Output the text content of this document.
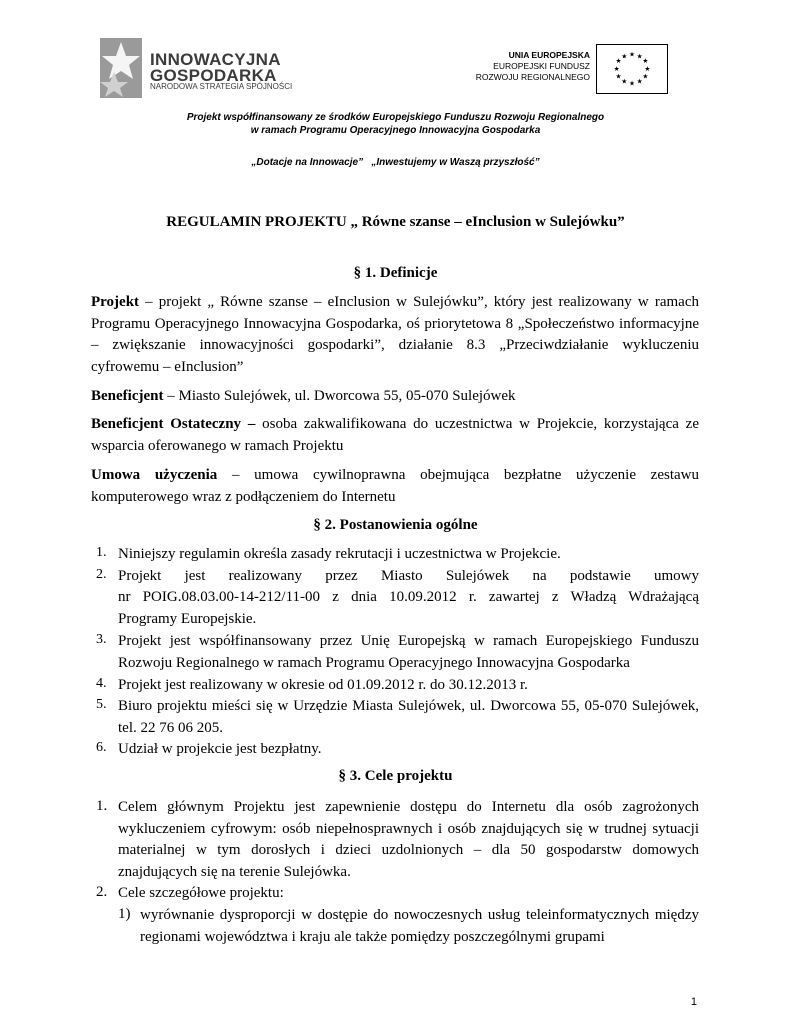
INNOWACYJNA
GOSPODARKA
NARODOWA STRATEGIA SPÓJNOŚCI
UNIA EUROPEJSKA
EUROPEJSKI FUNDUSZ
ROZWOJU REGIONALNEGO
★ ★
★
★
★
★
★
★
★
★
★
★
Projekt współfinansowany ze środków Europejskiego Funduszu Rozwoju Regionalnego
w ramach Programu Operacyjnego Innowacyjna Gospodarka
„Dotacje na Innowacje”   „Inwestujemy w Waszą przyszłość”
REGULAMIN PROJEKTU „ Równe szanse – eInclusion w Sulejówku”
§ 1. Definicje
Projekt – projekt „ Równe szanse – eInclusion w Sulejówku”, który jest realizowany w ramach Programu Operacyjnego Innowacyjna Gospodarka, oś priorytetowa 8 „Społeczeństwo informacyjne – zwiększanie innowacyjności gospodarki”, działanie 8.3 „Przeciwdziałanie wykluczeniu cyfrowemu – eInclusion”
Beneficjent – Miasto Sulejówek, ul. Dworcowa 55, 05-070 Sulejówek
Beneficjent Ostateczny – osoba zakwalifikowana do uczestnictwa w Projekcie, korzystająca ze wsparcia oferowanego w ramach Projektu
Umowa użyczenia – umowa cywilnoprawna obejmująca bezpłatne użyczenie zestawu komputerowego wraz z podłączeniem do Internetu
§ 2. Postanowienia ogólne
1. Niniejszy regulamin określa zasady rekrutacji i uczestnictwa w Projekcie.
2. Projekt jest realizowany przez Miasto Sulejówek na podstawie umowy
nr POIG.08.03.00-14-212/11-00 z dnia 10.09.2012 r. zawartej z Władzą Wdrażającą
Programy Europejskie.
3. Projekt jest współfinansowany przez Unię Europejską w ramach Europejskiego Funduszu Rozwoju Regionalnego w ramach Programu Operacyjnego Innowacyjna Gospodarka
4. Projekt jest realizowany w okresie od 01.09.2012 r. do 30.12.2013 r.
5. Biuro projektu mieści się w Urzędzie Miasta Sulejówek, ul. Dworcowa 55, 05-070 Sulejówek, tel. 22 76 06 205.
6. Udział w projekcie jest bezpłatny.
§ 3. Cele projektu
1. Celem głównym Projektu jest zapewnienie dostępu do Internetu dla osób zagrożonych wykluczeniem cyfrowym: osób niepełnosprawnych i osób znajdujących się w trudnej sytuacji materialnej w tym dorosłych i dzieci uzdolnionych – dla 50 gospodarstw domowych znajdujących się na terenie Sulejówka.
2. Cele szczegółowe projektu:
1) wyrównanie dysproporcji w dostępie do nowoczesnych usług teleinformatycznych między regionami województwa i kraju ale także pomiędzy poszczególnymi grupami
1
